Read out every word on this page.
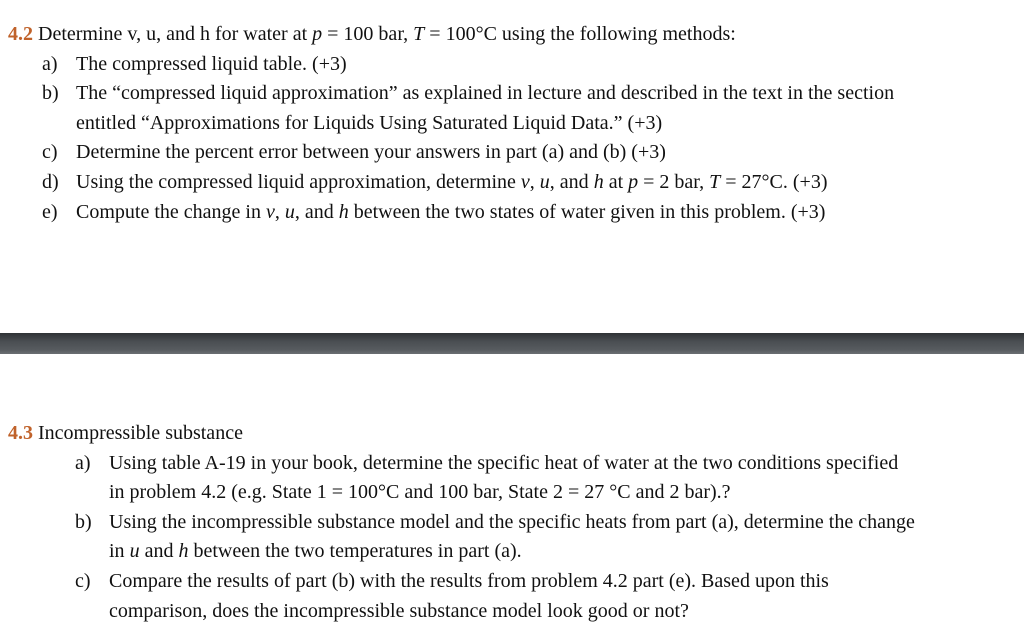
4.2 Determine v, u, and h for water at p = 100 bar, T = 100°C using the following methods:
a) The compressed liquid table. (+3)
b) The “compressed liquid approximation” as explained in lecture and described in the text in the section
entitled “Approximations for Liquids Using Saturated Liquid Data.” (+3)
c) Determine the percent error between your answers in part (a) and (b) (+3)
d) Using the compressed liquid approximation, determine v, u, and h at p = 2 bar, T = 27°C. (+3)
e) Compute the change in v, u, and h between the two states of water given in this problem. (+3)
4.3 Incompressible substance
a) Using table A-19 in your book, determine the specific heat of water at the two conditions specified
in problem 4.2 (e.g. State 1 = 100°C and 100 bar, State 2 = 27 °C and 2 bar).?
b) Using the incompressible substance model and the specific heats from part (a), determine the change
in u and h between the two temperatures in part (a).
c) Compare the results of part (b) with the results from problem 4.2 part (e). Based upon this
comparison, does the incompressible substance model look good or not?
